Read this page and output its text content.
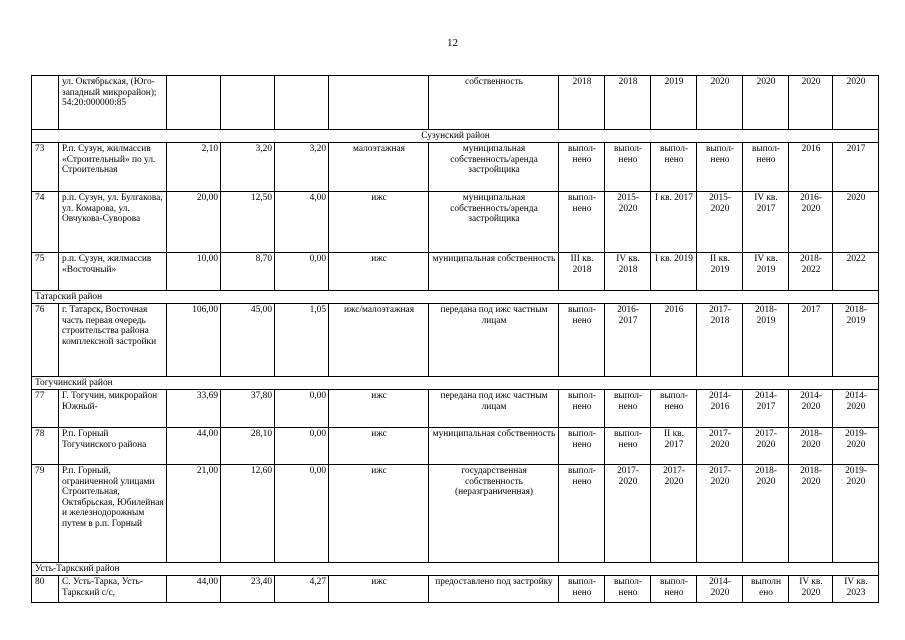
12
	ул. Октябрьская, (Юго-западный микрорайон); 54:20:000000:85					собственность	2018	2018	2019	2020	2020	2020	2020
Сузунский район													
73	Р.п. Сузун, жилмассив «Строительный» по ул. Строительная	2,10	3,20	3,20	малоэтажная	муниципальная собственность/аренда застройщика	выпол-нено	выпол-нено	выпол-нено	выпол-нено	выпол-нено	2016	2017
74	р.п. Сузун, ул. Булгакова, ул. Комарова, ул. Овчукова-Суворова	20,00	12,50	4,00	ижс	муниципальная собственность/аренда застройщика	выпол-нено	2015-2020	I кв. 2017	2015-2020	IV кв. 2017	2016-2020	2020
75	р.п. Сузун, жилмассив «Восточный»	10,00	8,70	0,00	ижс	муниципальная собственность	III кв. 2018	IV кв. 2018	I кв. 2019	II кв. 2019	IV кв. 2019	2018-2022	2022
Татарский район													
76	г. Татарск, Восточная часть первая очередь строительства района комплексной застройки	106,00	45,00	1,05	ижс/малоэтажная	передана под ижс частным лицам	выпол-нено	2016-2017	2016	2017-2018	2018-2019	2017	2018-2019
Тогучинский район													
77	Г. Тогучин, микрорайон Южный-	33,69	37,80	0,00	ижс	передана под ижс частным лицам	выпол-нено	выпол-нено	выпол-нено	2014-2016	2014-2017	2014-2020	2014-2020
78	Р.п. Горный Тогучинского района	44,00	28,10	0,00	ижс	муниципальная собственность	выпол-нено	выпол-нено	II кв. 2017	2017-2020	2017-2020	2018-2020	2019-2020
79	Р.п. Горный, ограниченной улицами Строительная, Октябрьская, Юбилейная и железнодорожным путем в р.п. Горный	21,00	12,60	0,00	ижс	государственная собственность (неразграниченная)	выпол-нено	2017-2020	2017-2020	2017-2020	2018-2020	2018-2020	2019-2020
Усть-Таркский район													
80	С. Усть-Тарка, Усть-Таркский с/с,	44,00	23,40	4,27	ижс	предоставлено под застройку	выпол-нено	выпол-нено	выпол-нено	2014-2020	выполн ено	IV кв. 2020	IV кв. 2023
